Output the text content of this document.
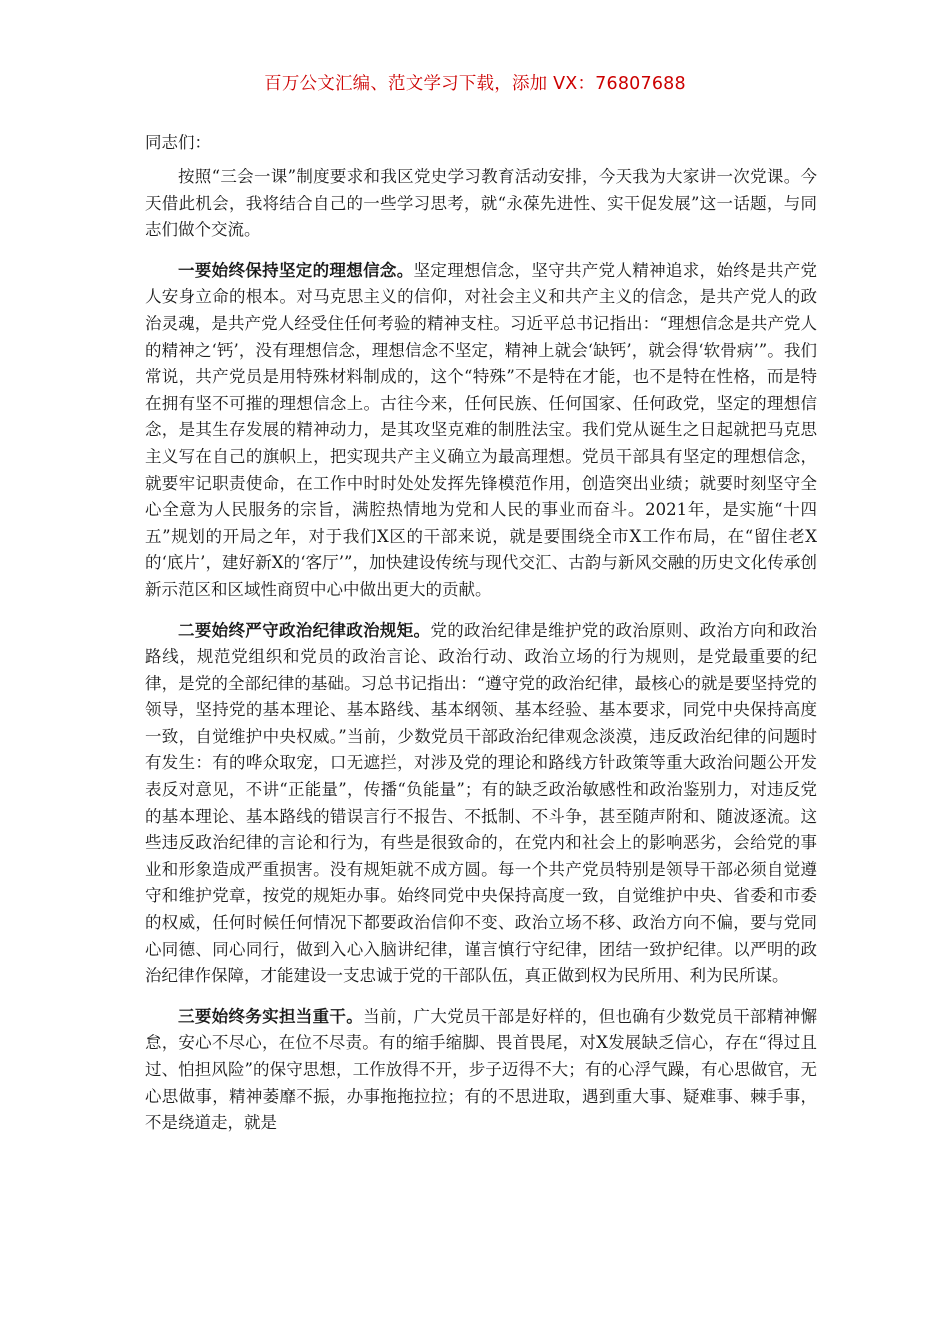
百万公文汇编、范文学习下载，添加 VX：76807688
同志们：

按照“三会一课”制度要求和我区党史学习教育活动安排，今天我为大家讲一次党课。今天借此机会，我将结合自己的一些学习思考，就“永葆先进性、实干促发展”这一话题，与同志们做个交流。

一要始终保持坚定的理想信念。坚定理想信念，坚守共产党人精神追求，始终是共产党人安身立命的根本。对马克思主义的信仰，对社会主义和共产主义的信念，是共产党人的政治灵魂，是共产党人经受住任何考验的精神支柱。习近平总书记指出：“理想信念是共产党人的精神之‘钙’，没有理想信念，理想信念不坚定，精神上就会‘缺钙’，就会得‘软骨病’”。我们常说，共产党员是用特殊材料制成的，这个“特殊”不是特在才能，也不是特在性格，而是特在拥有坚不可摧的理想信念上。古往今来，任何民族、任何国家、任何政党，坚定的理想信念，是其生存发展的精神动力，是其攻坚克难的制胜法宝。我们党从诞生之日起就把马克思主义写在自己的旗帜上，把实现共产主义确立为最高理想。党员干部具有坚定的理想信念，就要牢记职责使命，在工作中时时处处发挥先锋模范作用，创造突出业绩；就要时刻坚守全心全意为人民服务的宗旨，满腔热情地为党和人民的事业而奋斗。2021年，是实施“十四五”规划的开局之年，对于我们X区的干部来说，就是要围绕全市X工作布局，在“留住老X的‘底片’，建好新X的‘客厅’”，加快建设传统与现代交汇、古韵与新风交融的历史文化传承创新示范区和区域性商贸中心中做出更大的贡献。

二要始终严守政治纪律政治规矩。党的政治纪律是维护党的政治原则、政治方向和政治路线，规范党组织和党员的政治言论、政治行动、政治立场的行为规则，是党最重要的纪律，是党的全部纪律的基础。习总书记指出：“遵守党的政治纪律，最核心的就是要坚持党的领导，坚持党的基本理论、基本路线、基本纲领、基本经验、基本要求，同党中央保持高度一致，自觉维护中央权威。”当前，少数党员干部政治纪律观念淡漠，违反政治纪律的问题时有发生：有的哗众取宠，口无遮拦，对涉及党的理论和路线方针政策等重大政治问题公开发表反对意见，不讲“正能量”，传播“负能量”；有的缺乏政治敏感性和政治鉴别力，对违反党的基本理论、基本路线的错误言行不报告、不抵制、不斗争，甚至随声附和、随波逐流。这些违反政治纪律的言论和行为，有些是很致命的，在党内和社会上的影响恶劣，会给党的事业和形象造成严重损害。没有规矩就不成方圆。每一个共产党员特别是领导干部必须自觉遵守和维护党章，按党的规矩办事。始终同党中央保持高度一致，自觉维护中央、省委和市委的权威，任何时候任何情况下都要政治信仰不变、政治立场不移、政治方向不偏，要与党同心同德、同心同行，做到入心入脑讲纪律，谨言慎行守纪律，团结一致护纪律。以严明的政治纪律作保障，才能建设一支忠诚于党的干部队伍，真正做到权为民所用、利为民所谋。

三要始终务实担当重干。当前，广大党员干部是好样的，但也确有少数党员干部精神懈怠，安心不尽心，在位不尽责。有的缩手缩脚、畏首畏尾，对X发展缺乏信心，存在“得过且过、怕担风险”的保守思想，工作放得不开，步子迈得不大；有的心浮气躁，有心思做官，无心思做事，精神萎靡不振，办事拖拖拉拉；有的不思进取，遇到重大事、疑难事、棘手事，不是绕道走，就是
